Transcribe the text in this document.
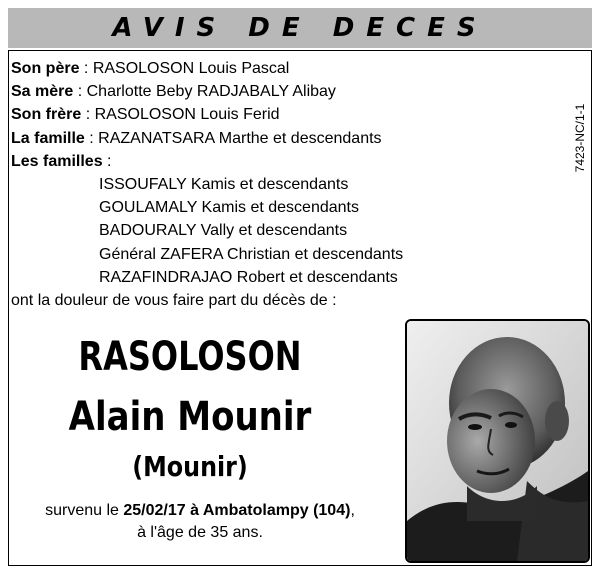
AVIS DE DECES
7423-NC/1-1
Son père : RASOLOSON Louis Pascal
Sa mère : Charlotte Beby RADJABALY Alibay
Son frère : RASOLOSON Louis Ferid
La famille : RAZANATSARA Marthe et descendants
Les familles :
ISSOUFALY Kamis et descendants
GOULAMALY Kamis et descendants
BADOURALY Vally et descendants
Général ZAFERA Christian et descendants
RAZAFINDRAJAO Robert et descendants
ont la douleur de vous faire part du décès de :
RASOLOSON
Alain Mounir
(Mounir)
survenu le 25/02/17 à Ambatolampy (104),
à l'âge de 35 ans.
